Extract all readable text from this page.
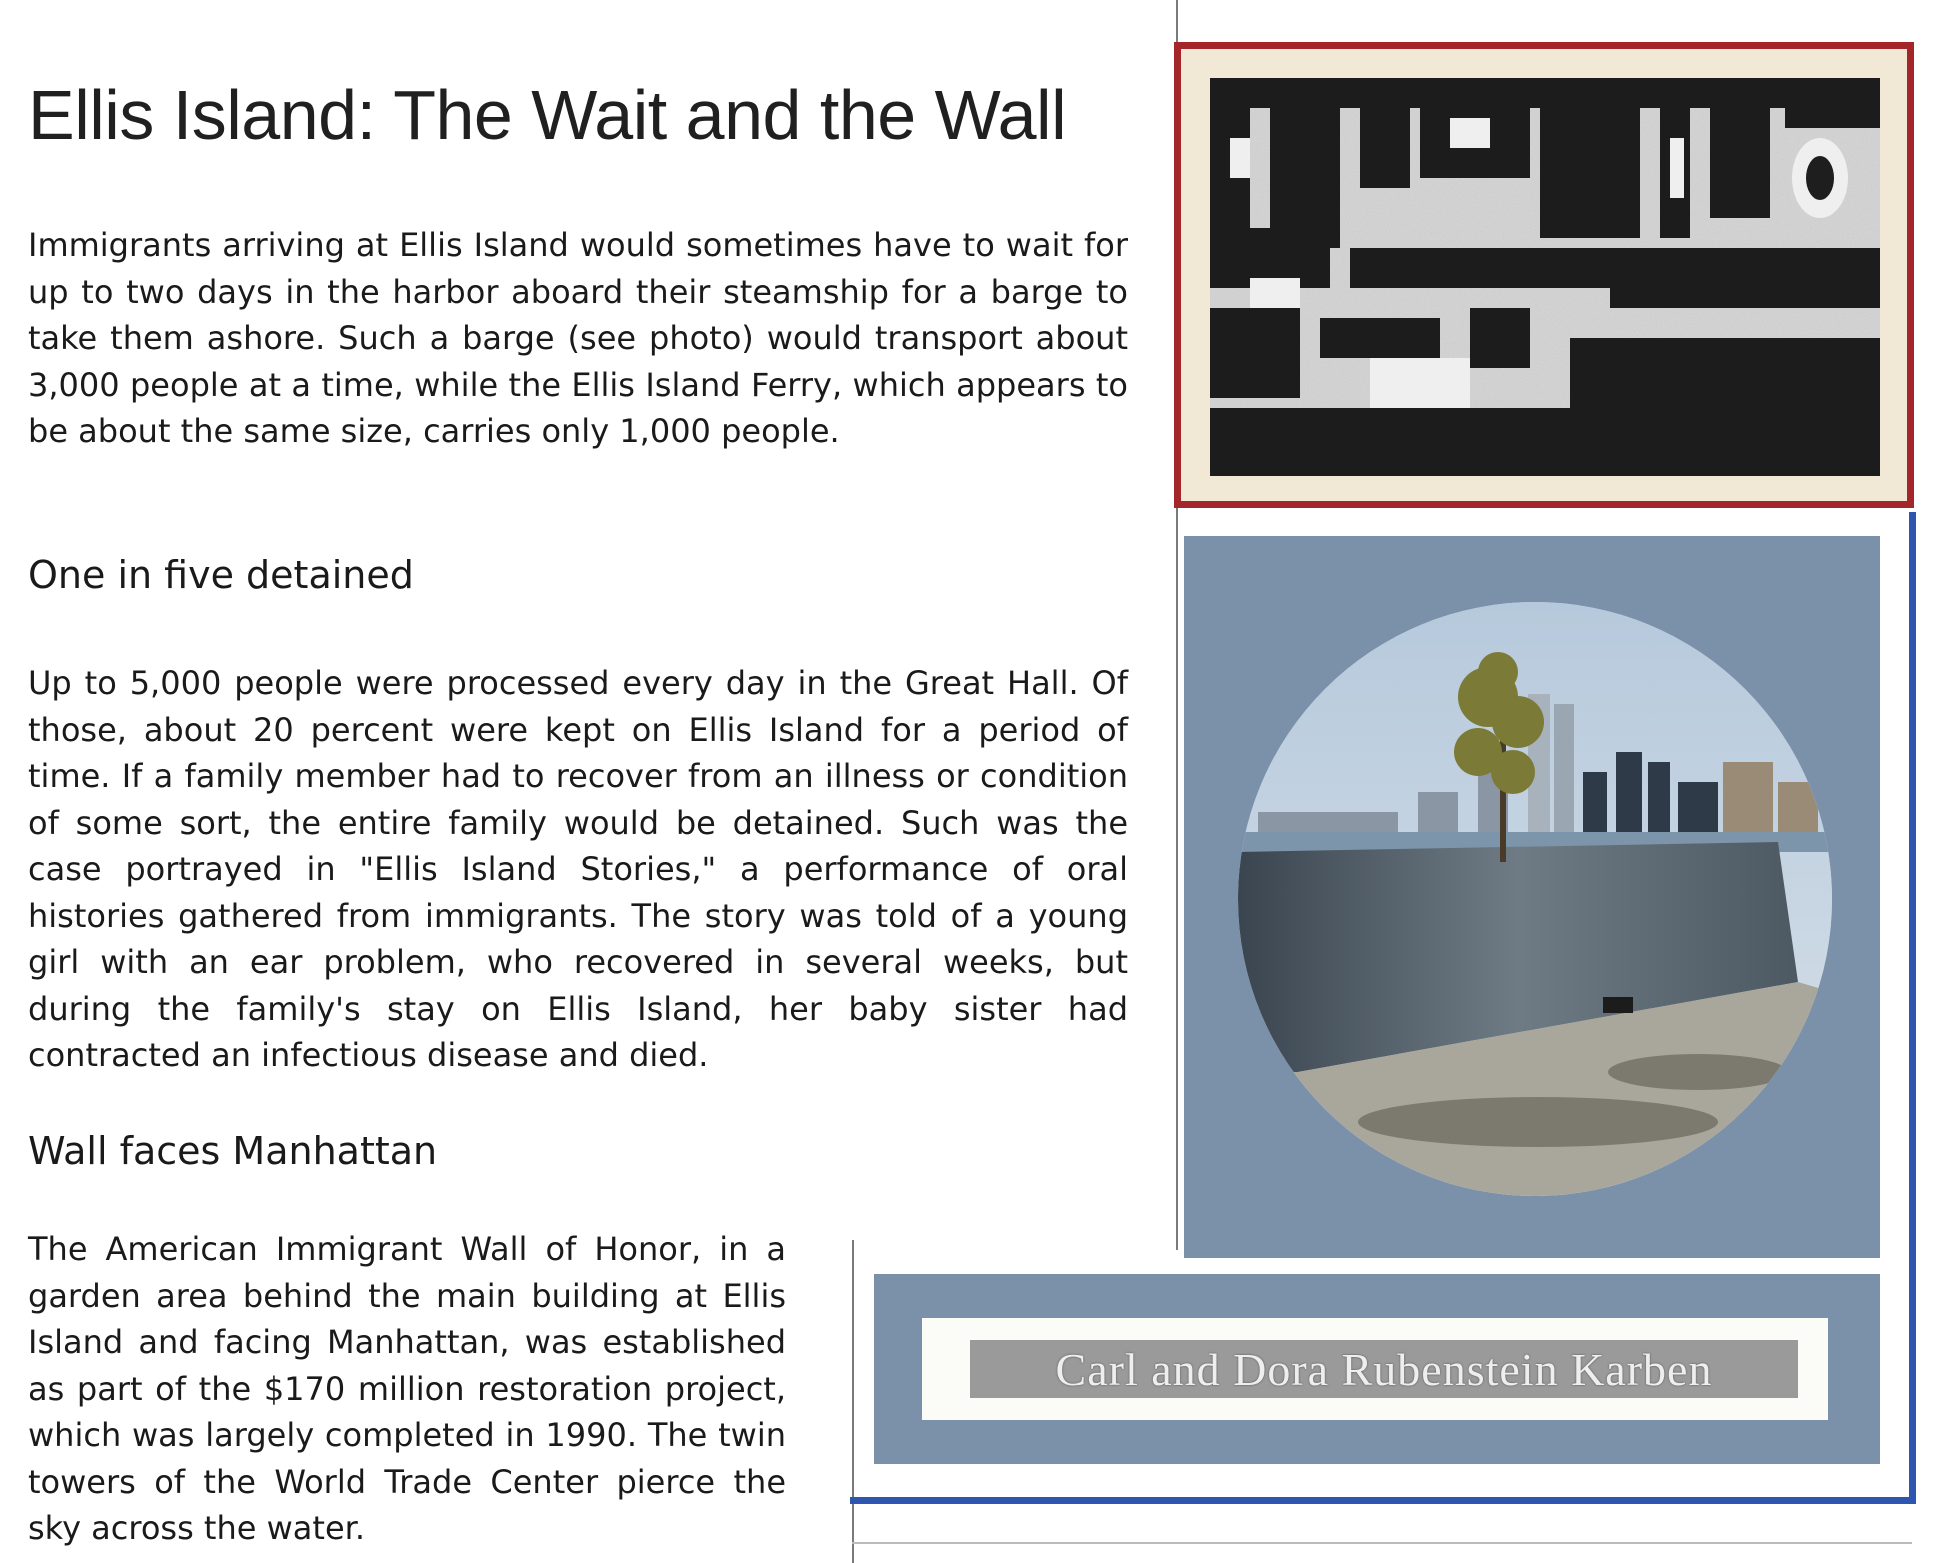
Ellis Island: The Wait and the Wall

Immigrants arriving at Ellis Island would sometimes have to wait for up to two days in the harbor aboard their steamship for a barge to take them ashore. Such a barge (see photo) would transport about 3,000 people at a time, while the Ellis Island Ferry, which appears to be about the same size, carries only 1,000 people.

One in five detained

Up to 5,000 people were processed every day in the Great Hall. Of those, about 20 percent were kept on Ellis Island for a period of time. If a family member had to recover from an illness or condition of some sort, the entire family would be detained. Such was the case portrayed in "Ellis Island Stories," a performance of oral histories gathered from immigrants. The story was told of a young girl with an ear problem, who recovered in several weeks, but during the family's stay on Ellis Island, her baby sister had contracted an infectious disease and died.

Wall faces Manhattan

The American Immigrant Wall of Honor, in a garden area behind the main building at Ellis Island and facing Manhattan, was established as part of the $170 million restoration project, which was largely completed in 1990. The twin towers of the World Trade Center pierce the sky across the water.

Carl and Dora Rubenstein Karben
